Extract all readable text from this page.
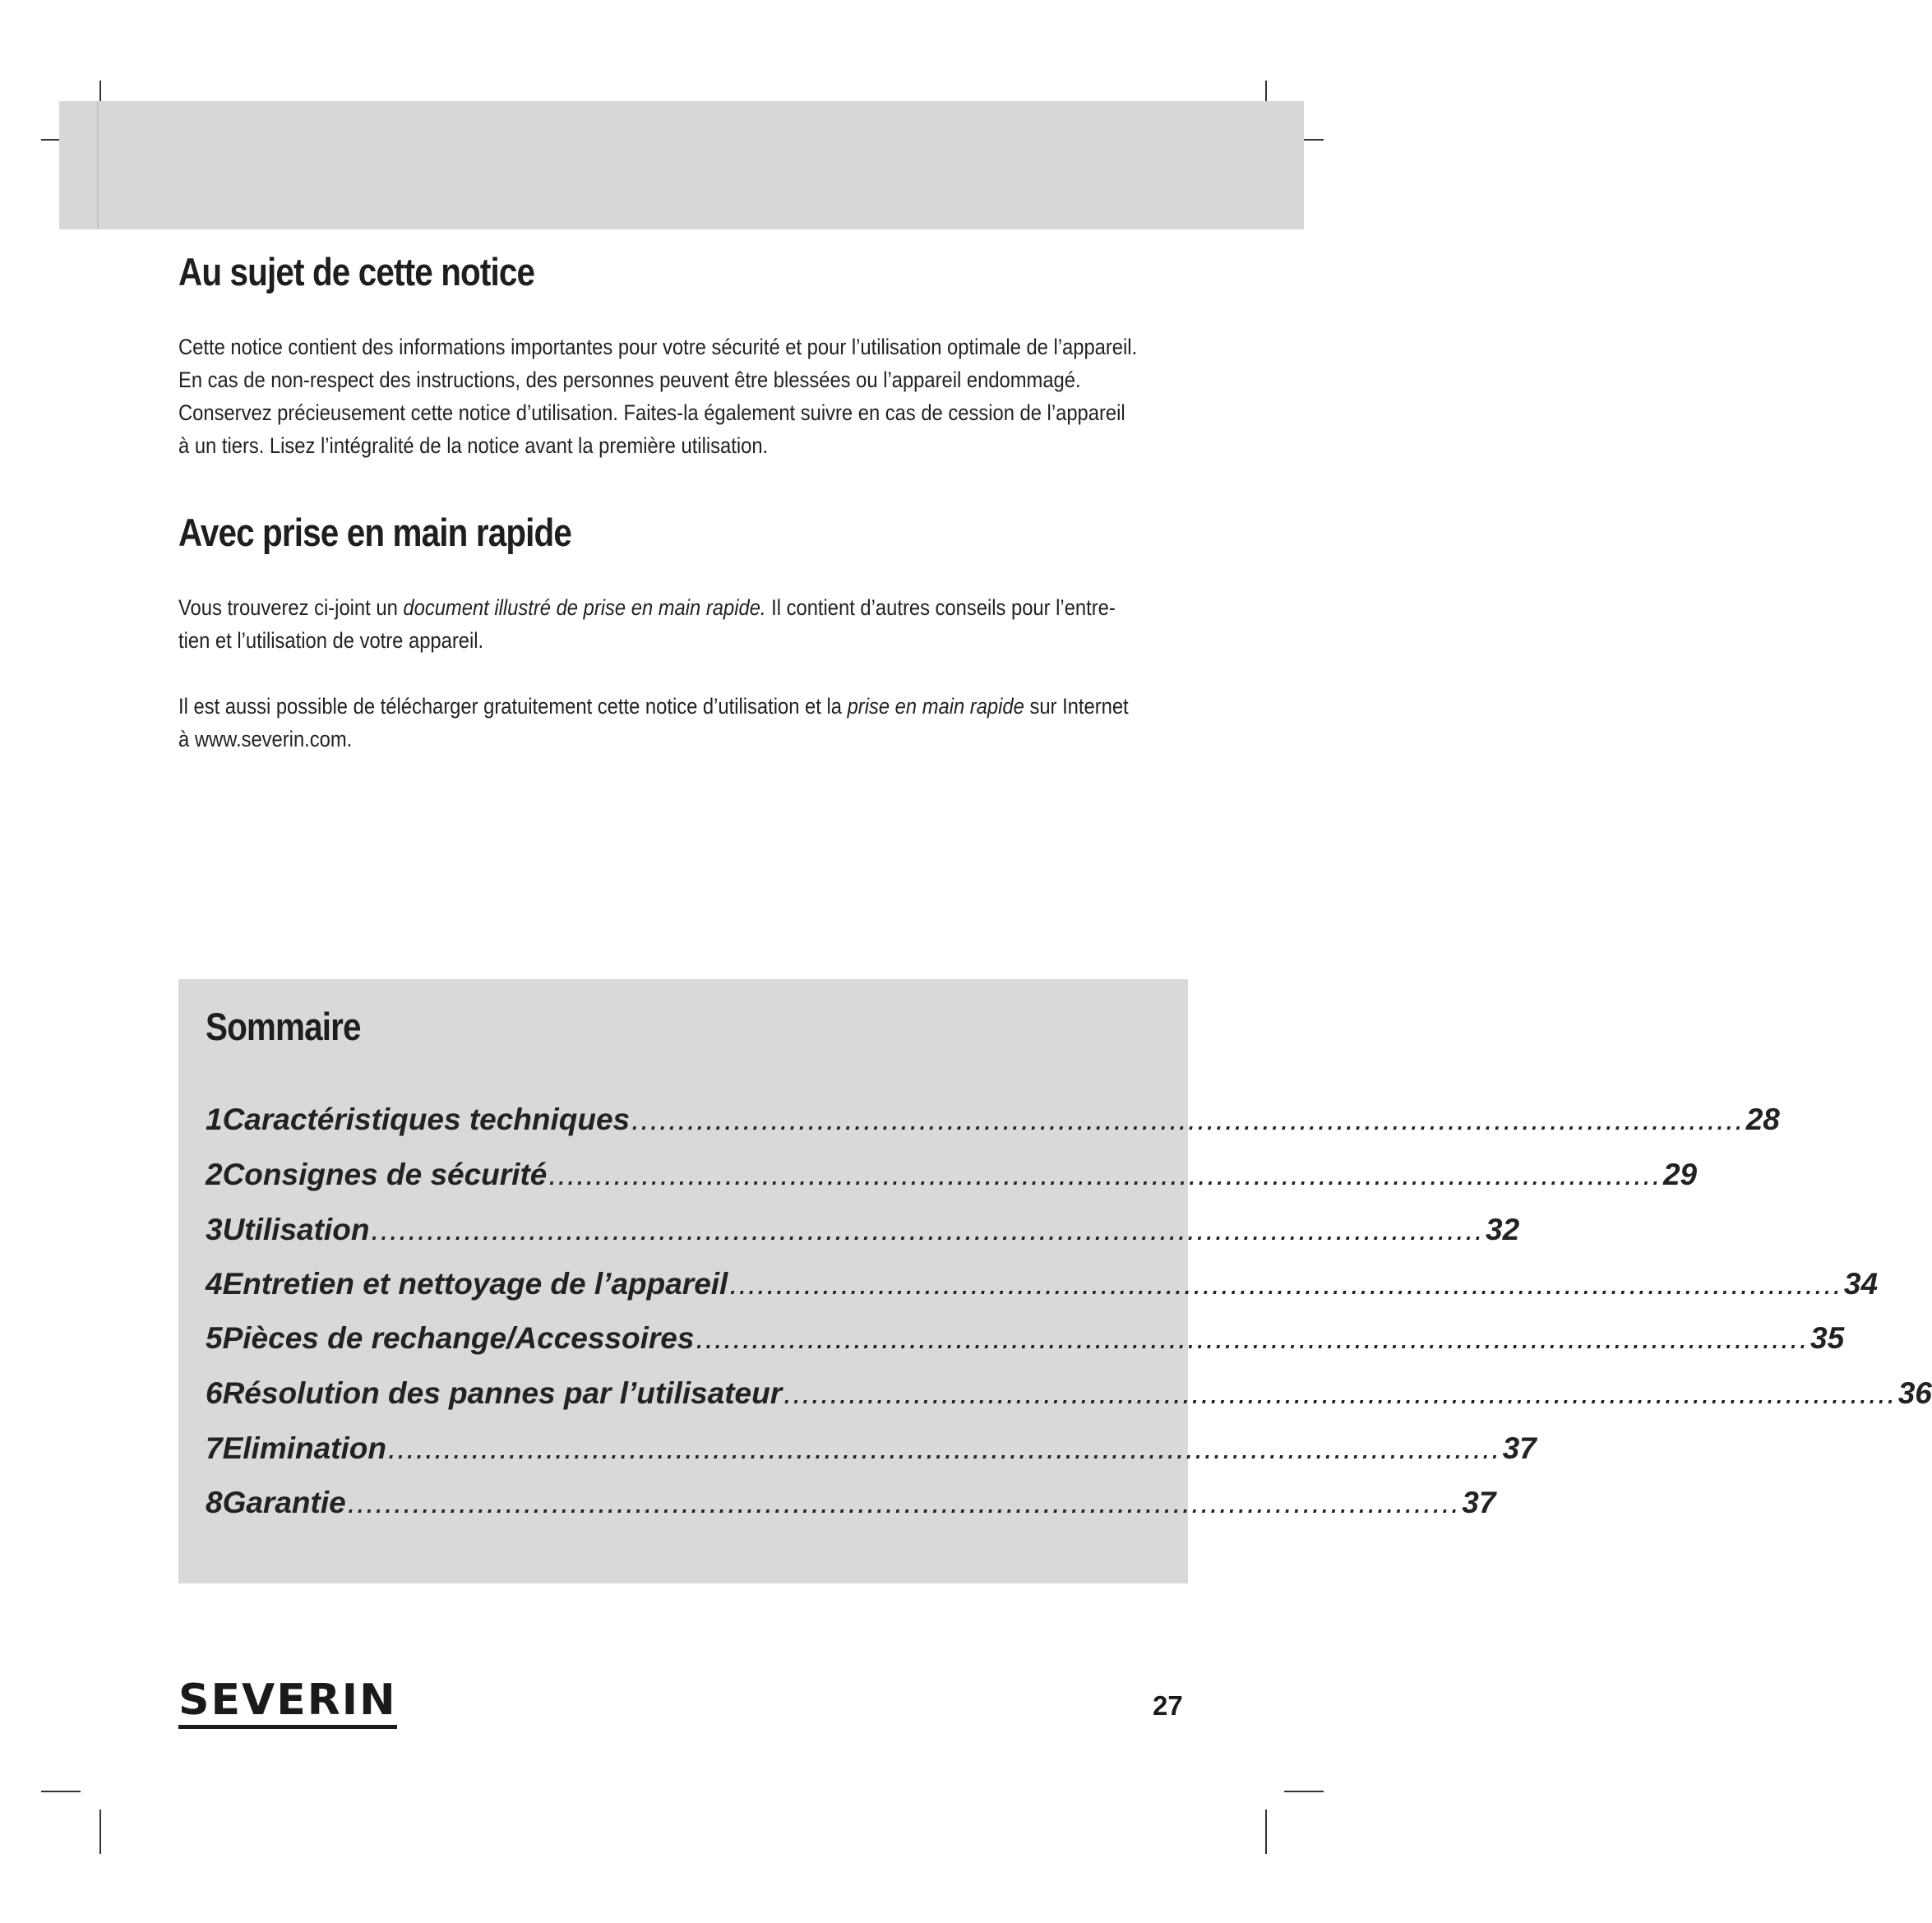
Au sujet de cette notice

Cette notice contient des informations importantes pour votre sécurité et pour l’utilisation optimale de l’appareil.

En cas de non-respect des instructions, des personnes peuvent être blessées ou l’appareil endommagé.

Conservez précieusement cette notice d’utilisation. Faites-la également suivre en cas de cession de l’appareil

à un tiers. Lisez l’intégralité de la notice avant la première utilisation.

Avec prise en main rapide

Vous trouverez ci-joint un document illustré de prise en main rapide. Il contient d’autres conseils pour l’entre-

tien et l’utilisation de votre appareil.

Il est aussi possible de télécharger gratuitement cette notice d’utilisation et la prise en main rapide sur Internet

à www.severin.com.

Sommaire
1 Caractéristiques techniques ........................................................................................................................ 28
2 Consignes de sécurité ........................................................................................................................ 29
3 Utilisation ........................................................................................................................ 32
4 Entretien et nettoyage de l’appareil ........................................................................................................................ 34
5 Pièces de rechange/Accessoires ........................................................................................................................ 35
6 Résolution des pannes par l’utilisateur ........................................................................................................................ 36
7 Elimination ........................................................................................................................ 37
8 Garantie ........................................................................................................................ 37
SEVERIN	27
